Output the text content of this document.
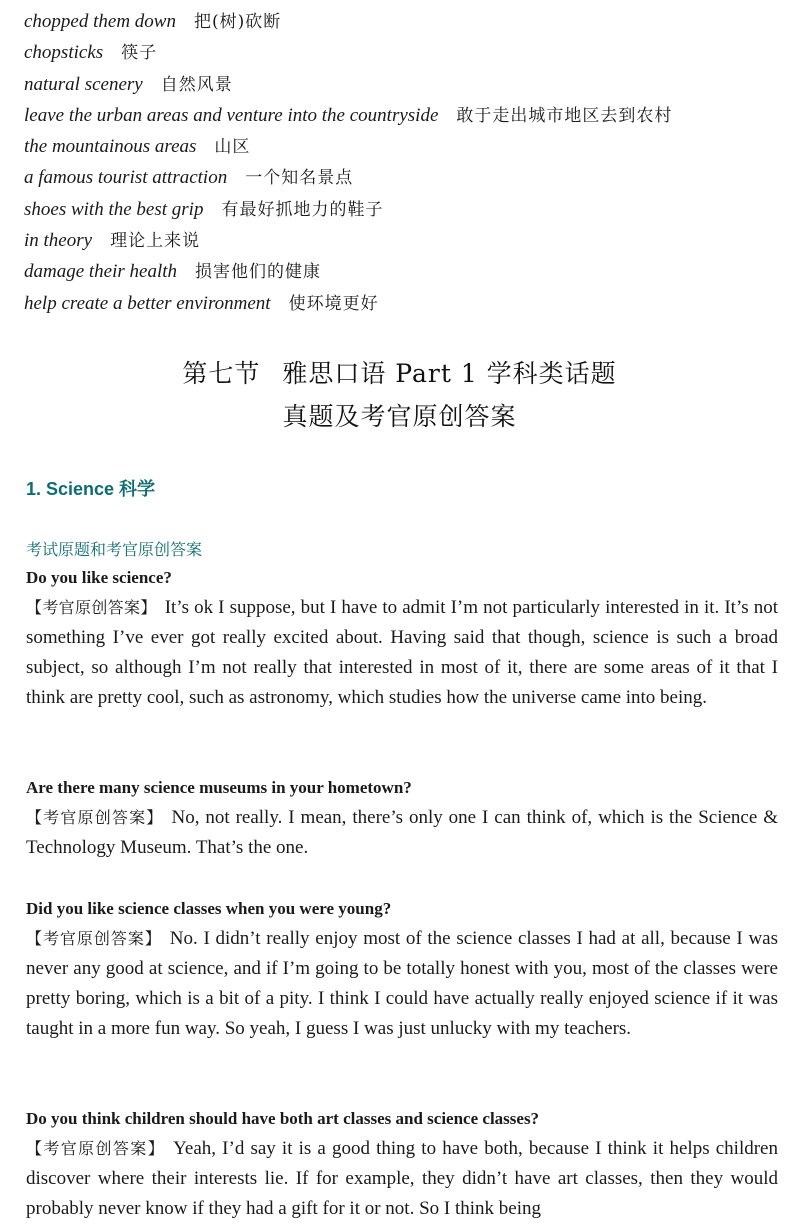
chopped them down 把(树)砍断
chopsticks 筷子
natural scenery 自然风景
leave the urban areas and venture into the countryside 敢于走出城市地区去到农村
the mountainous areas 山区
a famous tourist attraction 一个知名景点
shoes with the best grip 有最好抓地力的鞋子
in theory 理论上来说
damage their health 损害他们的健康
help create a better environment 使环境更好
第七节 雅思口语 Part 1 学科类话题
真题及考官原创答案
1. Science 科学
考试原题和考官原创答案
Do you like science?
【考官原创答案】 It’s ok I suppose, but I have to admit I’m not particularly interested in it. It’s not something I’ve ever got really excited about. Having said that though, science is such a broad subject, so although I’m not really that interested in most of it, there are some areas of it that I think are pretty cool, such as astronomy, which studies how the universe came into being.
Are there many science museums in your hometown?
【考官原创答案】 No, not really. I mean, there’s only one I can think of, which is the Science & Technology Museum. That’s the one.
Did you like science classes when you were young?
【考官原创答案】 No. I didn’t really enjoy most of the science classes I had at all, because I was never any good at science, and if I’m going to be totally honest with you, most of the classes were pretty boring, which is a bit of a pity. I think I could have actually really enjoyed science if it was taught in a more fun way. So yeah, I guess I was just unlucky with my teachers.
Do you think children should have both art classes and science classes?
【考官原创答案】 Yeah, I’d say it is a good thing to have both, because I think it helps children discover where their interests lie. If for example, they didn’t have art classes, then they would probably never know if they had a gift for it or not. So I think being
